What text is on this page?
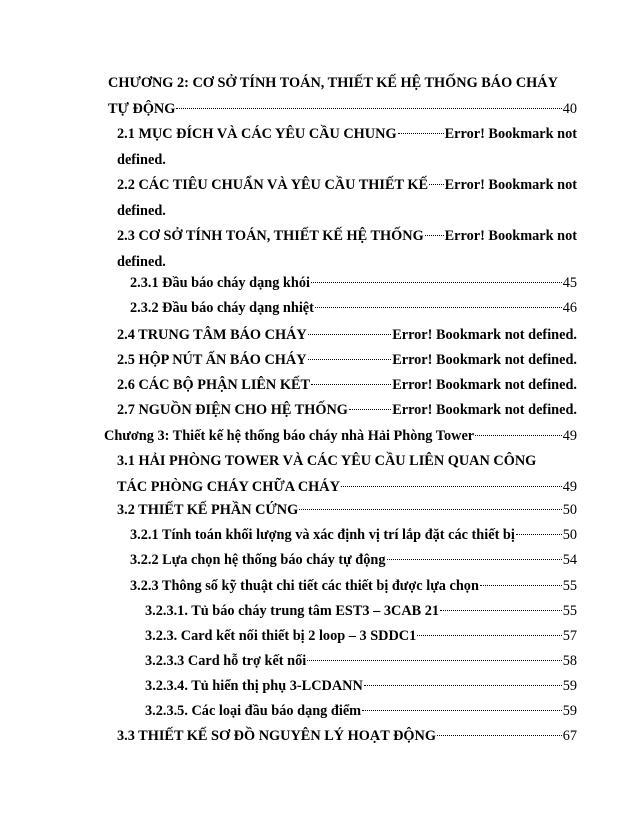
CHƯƠNG 2: CƠ SỞ TÍNH TOÁN, THIẾT KẾ HỆ THỐNG BÁO CHÁY
TỰ ĐỘNG	40
2.1 MỤC ĐÍCH VÀ CÁC YÊU CẦU CHUNG	Error! Bookmark not
defined.
2.2 CÁC TIÊU CHUẨN VÀ YÊU CẦU THIẾT KẾ Error! Bookmark not
defined.
2.3 CƠ SỞ TÍNH TOÁN, THIẾT KẾ HỆ THỐNG Error! Bookmark not
defined.
2.3.1 Đầu báo cháy dạng khói	45
2.3.2 Đầu báo cháy dạng nhiệt	46
2.4 TRUNG TÂM BÁO CHÁY	Error! Bookmark not defined.
2.5 HỘP NÚT ẤN BÁO CHÁY	Error! Bookmark not defined.
2.6 CÁC BỘ PHẬN LIÊN KẾT	Error! Bookmark not defined.
2.7 NGUỒN ĐIỆN CHO HỆ THỐNG	Error! Bookmark not defined.
Chương 3: Thiết kế hệ thống báo cháy nhà Hải Phòng Tower	49
3.1 HẢI PHÒNG TOWER VÀ CÁC YÊU CẦU LIÊN QUAN CÔNG
TÁC PHÒNG CHÁY CHỮA CHÁY	49
3.2 THIẾT KẾ PHẦN CỨNG	50
3.2.1 Tính toán khối lượng và xác định vị trí lắp đặt các thiết bị	50
3.2.2 Lựa chọn hệ thống báo cháy tự động	54
3.2.3 Thông số kỹ thuật chi tiết các thiết bị được lựa chọn	55
3.2.3.1. Tủ báo cháy trung tâm EST3 – 3CAB 21	55
3.2.3. Card kết nối thiết bị 2 loop – 3 SDDC1	57
3.2.3.3 Card hỗ trợ kết nối	58
3.2.3.4. Tủ hiển thị phụ 3-LCDANN	59
3.2.3.5. Các loại đầu báo dạng điểm	59
3.3 THIẾT KẾ SƠ ĐỒ NGUYÊN LÝ HOẠT ĐỘNG	67
